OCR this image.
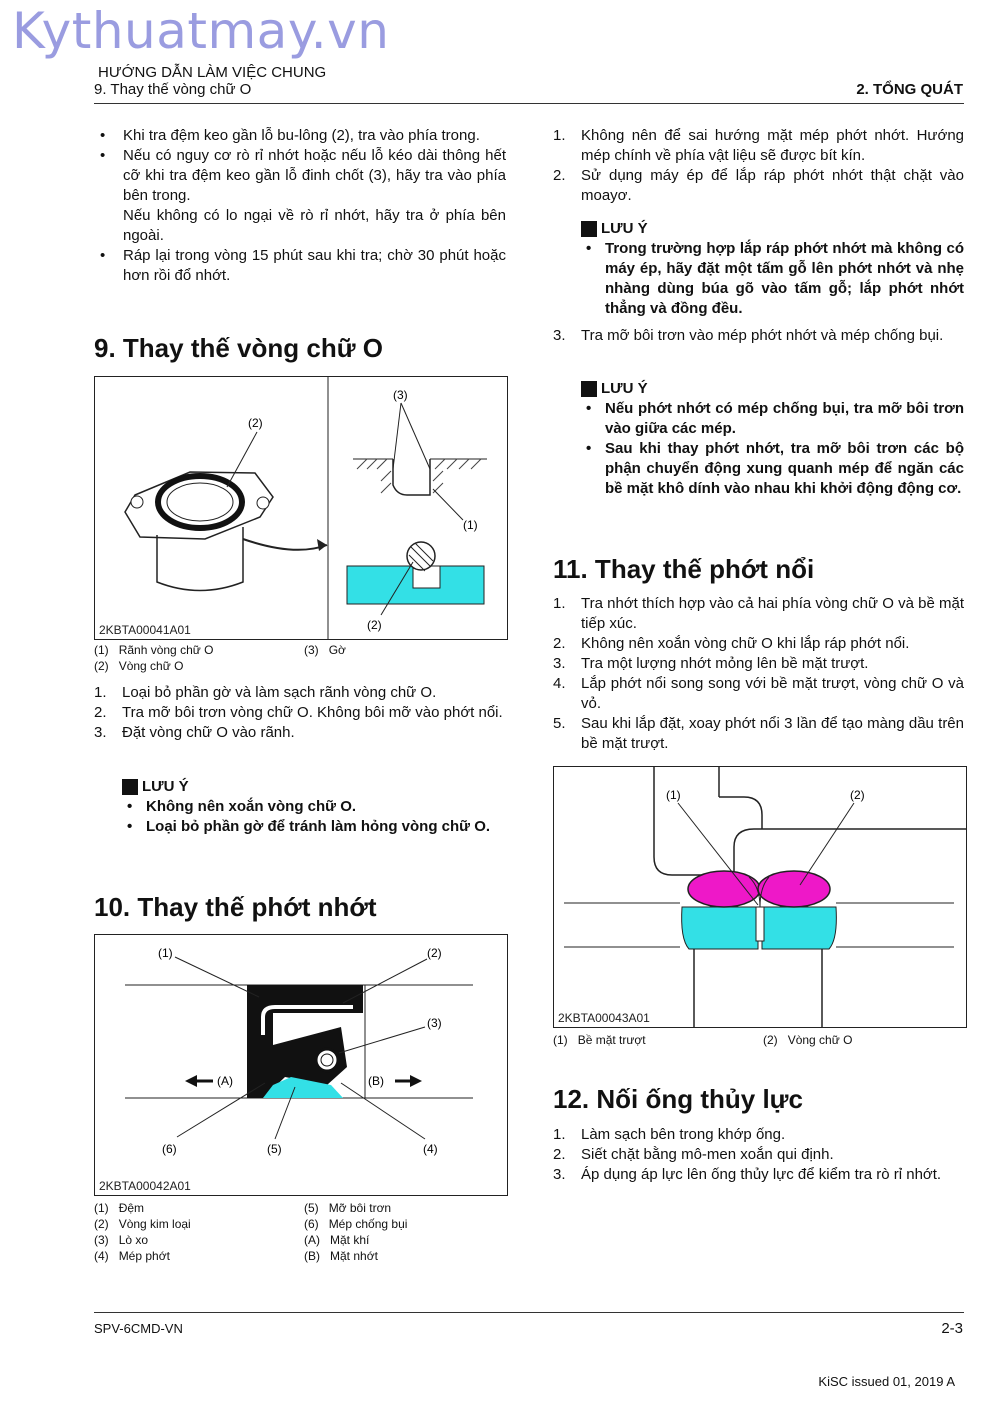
Kythuatmay.vn
HƯỚNG DẪN LÀM VIỆC CHUNG
9. Thay thế vòng chữ O	2. TỔNG QUÁT
• Khi tra đệm keo gần lỗ bu-lông (2), tra vào phía trong.
• Nếu có nguy cơ rò rỉ nhớt hoặc nếu lỗ kéo dài thông hết cỡ khi tra đệm keo gần lỗ đinh chốt (3), hãy tra vào phía bên trong.
Nếu không có lo ngại về rò rỉ nhớt, hãy tra ở phía bên ngoài.
• Ráp lại trong vòng 15 phút sau khi tra; chờ 30 phút hoặc hơn rồi đổ nhớt.
9. Thay thế vòng chữ O
(2)
(3)
(1)
(2)
2KBTA00041A01
(1) Rãnh vòng chữ O
(2) Vòng chữ O
(3) Gờ
1. Loại bỏ phần gờ và làm sạch rãnh vòng chữ O.
2. Tra mỡ bôi trơn vòng chữ O. Không bôi mỡ vào phớt nổi.
3. Đặt vòng chữ O vào rãnh.
LƯU Ý
• Không nên xoắn vòng chữ O.
• Loại bỏ phần gờ để tránh làm hỏng vòng chữ O.
10. Thay thế phớt nhớt
(A)	(B)
(1)	(2)
(3)
(4)
(5)
(6)
2KBTA00042A01
(1) Đệm
(2) Vòng kim loại
(3) Lò xo
(4) Mép phớt
(5) Mỡ bôi trơn
(6) Mép chống bụi
(A) Mặt khí
(B) Mặt nhớt
1. Không nên để sai hướng mặt mép phớt nhớt. Hướng mép chính về phía vật liệu sẽ được bít kín.
2. Sử dụng máy ép để lắp ráp phớt nhớt thật chặt vào moayơ.
LƯU Ý
• Trong trường hợp lắp ráp phớt nhớt mà không có máy ép, hãy đặt một tấm gỗ lên phớt nhớt và nhẹ nhàng dùng búa gõ vào tấm gỗ; lắp phớt nhớt thẳng và đồng đều.
3. Tra mỡ bôi trơn vào mép phớt nhớt và mép chống bụi.
LƯU Ý
• Nếu phớt nhớt có mép chống bụi, tra mỡ bôi trơn vào giữa các mép.
• Sau khi thay phớt nhớt, tra mỡ bôi trơn các bộ phận chuyển động xung quanh mép để ngăn các bề mặt khô dính vào nhau khi khởi động động cơ.
11. Thay thế phớt nổi
1. Tra nhớt thích hợp vào cả hai phía vòng chữ O và bề mặt tiếp xúc.
2. Không nên xoắn vòng chữ O khi lắp ráp phớt nổi.
3. Tra một lượng nhớt mỏng lên bề mặt trượt.
4. Lắp phớt nổi song song với bề mặt trượt, vòng chữ O và vỏ.
5. Sau khi lắp đặt, xoay phớt nổi 3 lần để tạo màng dầu trên bề mặt trượt.
(1)	(2)
2KBTA00043A01
(1) Bề mặt trượt	(2) Vòng chữ O
12. Nối ống thủy lực
1. Làm sạch bên trong khớp ống.
2. Siết chặt bằng mô-men xoắn qui định.
3. Áp dụng áp lực lên ống thủy lực để kiểm tra rò rỉ nhớt.
SPV-6CMD-VN	2-3
KiSC issued 01, 2019 A
